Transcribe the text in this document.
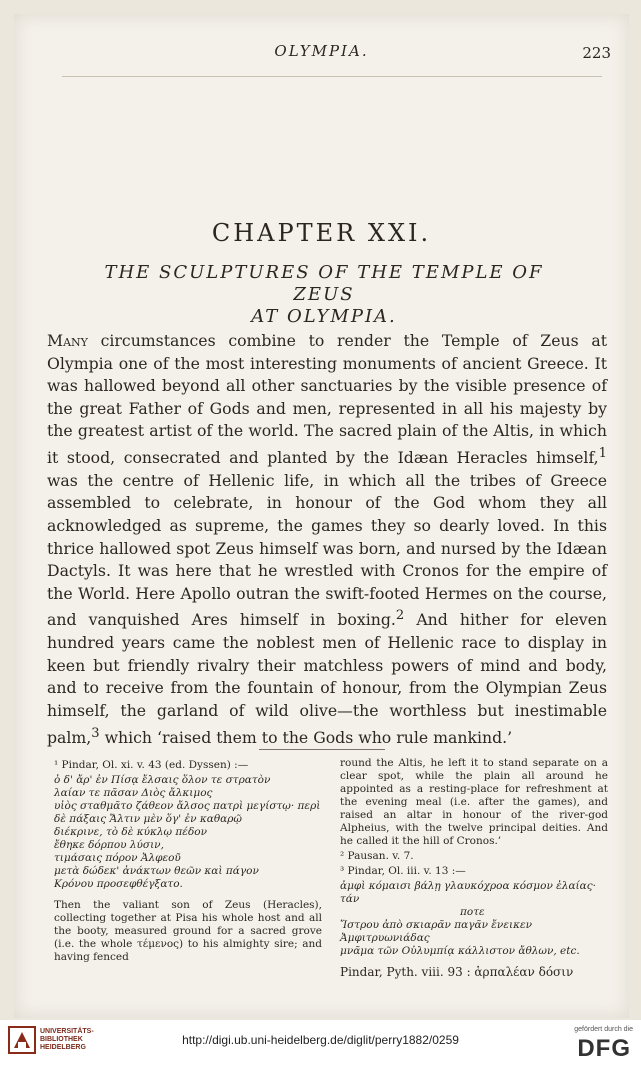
OLYMPIA.	223
CHAPTER XXI.
THE SCULPTURES OF THE TEMPLE OF ZEUS
AT OLYMPIA.

Many circumstances combine to render the Temple of Zeus at Olympia one of the most interesting monuments of ancient Greece. It was hallowed beyond all other sanctuaries by the visible presence of the great Father of Gods and men, represented in all his majesty by the greatest artist of the world. The sacred plain of the Altis, in which it stood, consecrated and planted by the Idæan Heracles himself,$^1$ was the centre of Hellenic life, in which all the tribes of Greece assembled to celebrate, in honour of the God whom they all acknowledged as supreme, the games they so dearly loved. In this thrice hallowed spot Zeus himself was born, and nursed by the Idæan Dactyls. It was here that he wrestled with Cronos for the empire of the World. Here Apollo outran the swift-footed Hermes on the course, and vanquished Ares himself in boxing.$^2$ And hither for eleven hundred years came the noblest men of Hellenic race to display in keen but friendly rivalry their matchless powers of mind and body, and to receive from the fountain of honour, from the Olympian Zeus himself, the garland of wild olive—the worthless but inestimable palm,$^3$ which ‘raised them to the Gods who rule mankind.’

¹ Pindar, Ol. xi. v. 43 (ed. Dyssen) :—

ὁ δ' ἄρ' ἐν Πίσᾳ ἔλσαις ὅλον τε στρατὸν
λαίαν τε πᾶσαν Διὸς ἄλκιμος
υἱὸς σταθμᾶτο ζάθεον ἄλσος πατρὶ μεγίστῳ· περὶ
δὲ πάξαις Ἄλτιν μὲν ὅγ' ἐν καθαρῷ
διέκρινε, τὸ δὲ κύκλῳ πέδον
ἔθηκε δόρπου λύσιν,
τιμάσαις πόρον Ἀλφεοῦ
μετὰ δώδεκ' ἀνάκτων θεῶν καὶ πάγον
Κρόνου προσεφθέγξατο.

Then the valiant son of Zeus (Heracles), collecting together at Pisa his whole host and all the booty, measured ground for a sacred grove (i.e. the whole τέμενος) to his almighty sire; and having fenced

round the Altis, he left it to stand separate on a clear spot, while the plain all around he appointed as a resting-place for refreshment at the evening meal (i.e. after the games), and raised an altar in honour of the river-god Alpheius, with the twelve principal deities. And he called it the hill of Cronos.’

² Pausan. v. 7.

³ Pindar, Ol. iii. v. 13 :—

ἀμφὶ κόμαισι βάλῃ γλαυκόχροα κόσμον ἐλαίας· τάν
ποτε
Ἴστρου ἀπὸ σκιαρᾶν παγᾶν ἔνεικεν Ἀμφιτρυωνιάδας
μνᾶμα τῶν Οὐλυμπίᾳ κάλλιστον ἄθλων, etc.

Pindar, Pyth. viii. 93 : ἁρπαλέαν δόσιν

UNIVERSITÄTS-
BIBLIOTHEK
HEIDELBERG
http://digi.ub.uni-heidelberg.de/diglit/perry1882/0259
gefördert durch die
DFG
